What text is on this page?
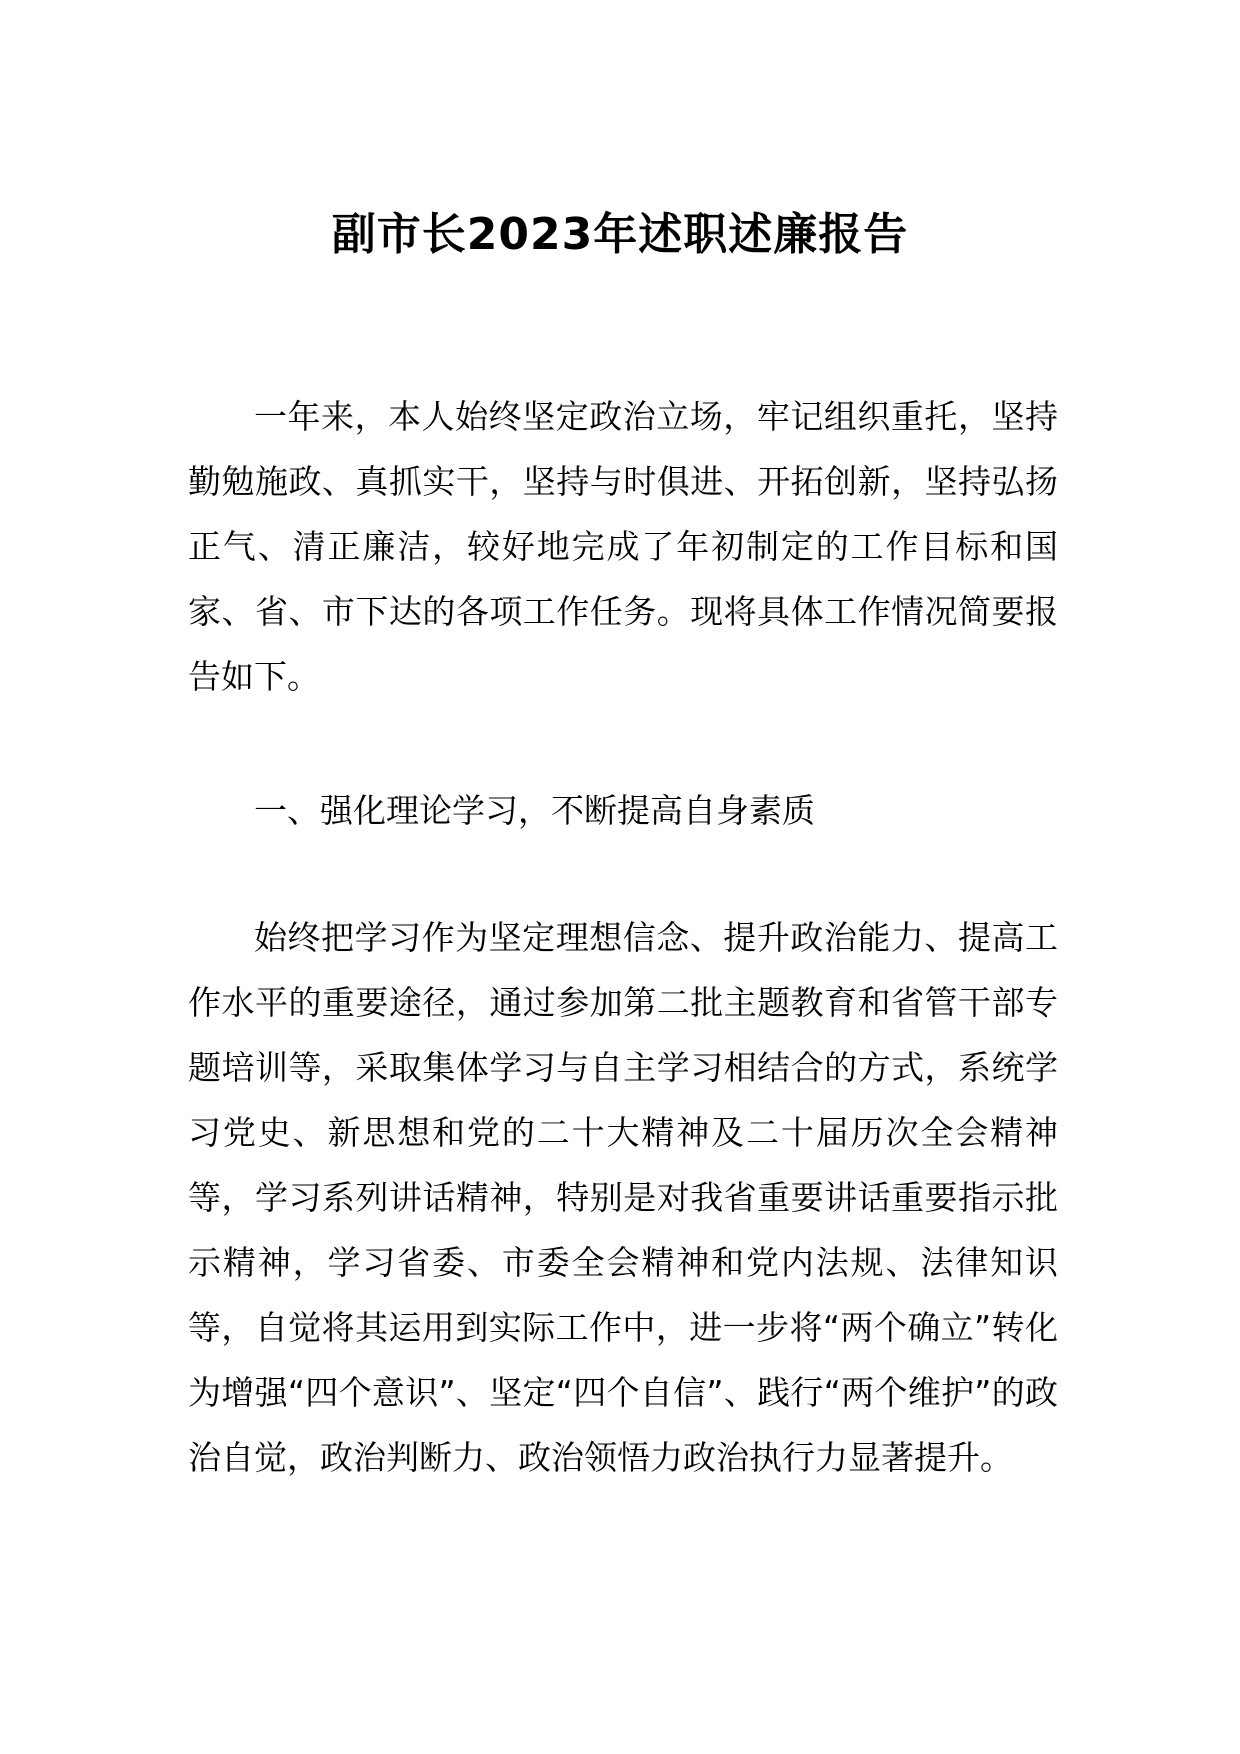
副市长2023年述职述廉报告

一年来，本人始终坚定政治立场，牢记组织重托，坚持勤勉施政、真抓实干，坚持与时俱进、开拓创新，坚持弘扬正气、清正廉洁，较好地完成了年初制定的工作目标和国家、省、市下达的各项工作任务。现将具体工作情况简要报告如下。

一、强化理论学习，不断提高自身素质

始终把学习作为坚定理想信念、提升政治能力、提高工作水平的重要途径，通过参加第二批主题教育和省管干部专题培训等，采取集体学习与自主学习相结合的方式，系统学习党史、新思想和党的二十大精神及二十届历次全会精神等，学习系列讲话精神，特别是对我省重要讲话重要指示批示精神，学习省委、市委全会精神和党内法规、法律知识等，自觉将其运用到实际工作中，进一步将“两个确立”转化为增强“四个意识”、坚定“四个自信”、践行“两个维护”的政治自觉，政治判断力、政治领悟力政治执行力显著提升。
